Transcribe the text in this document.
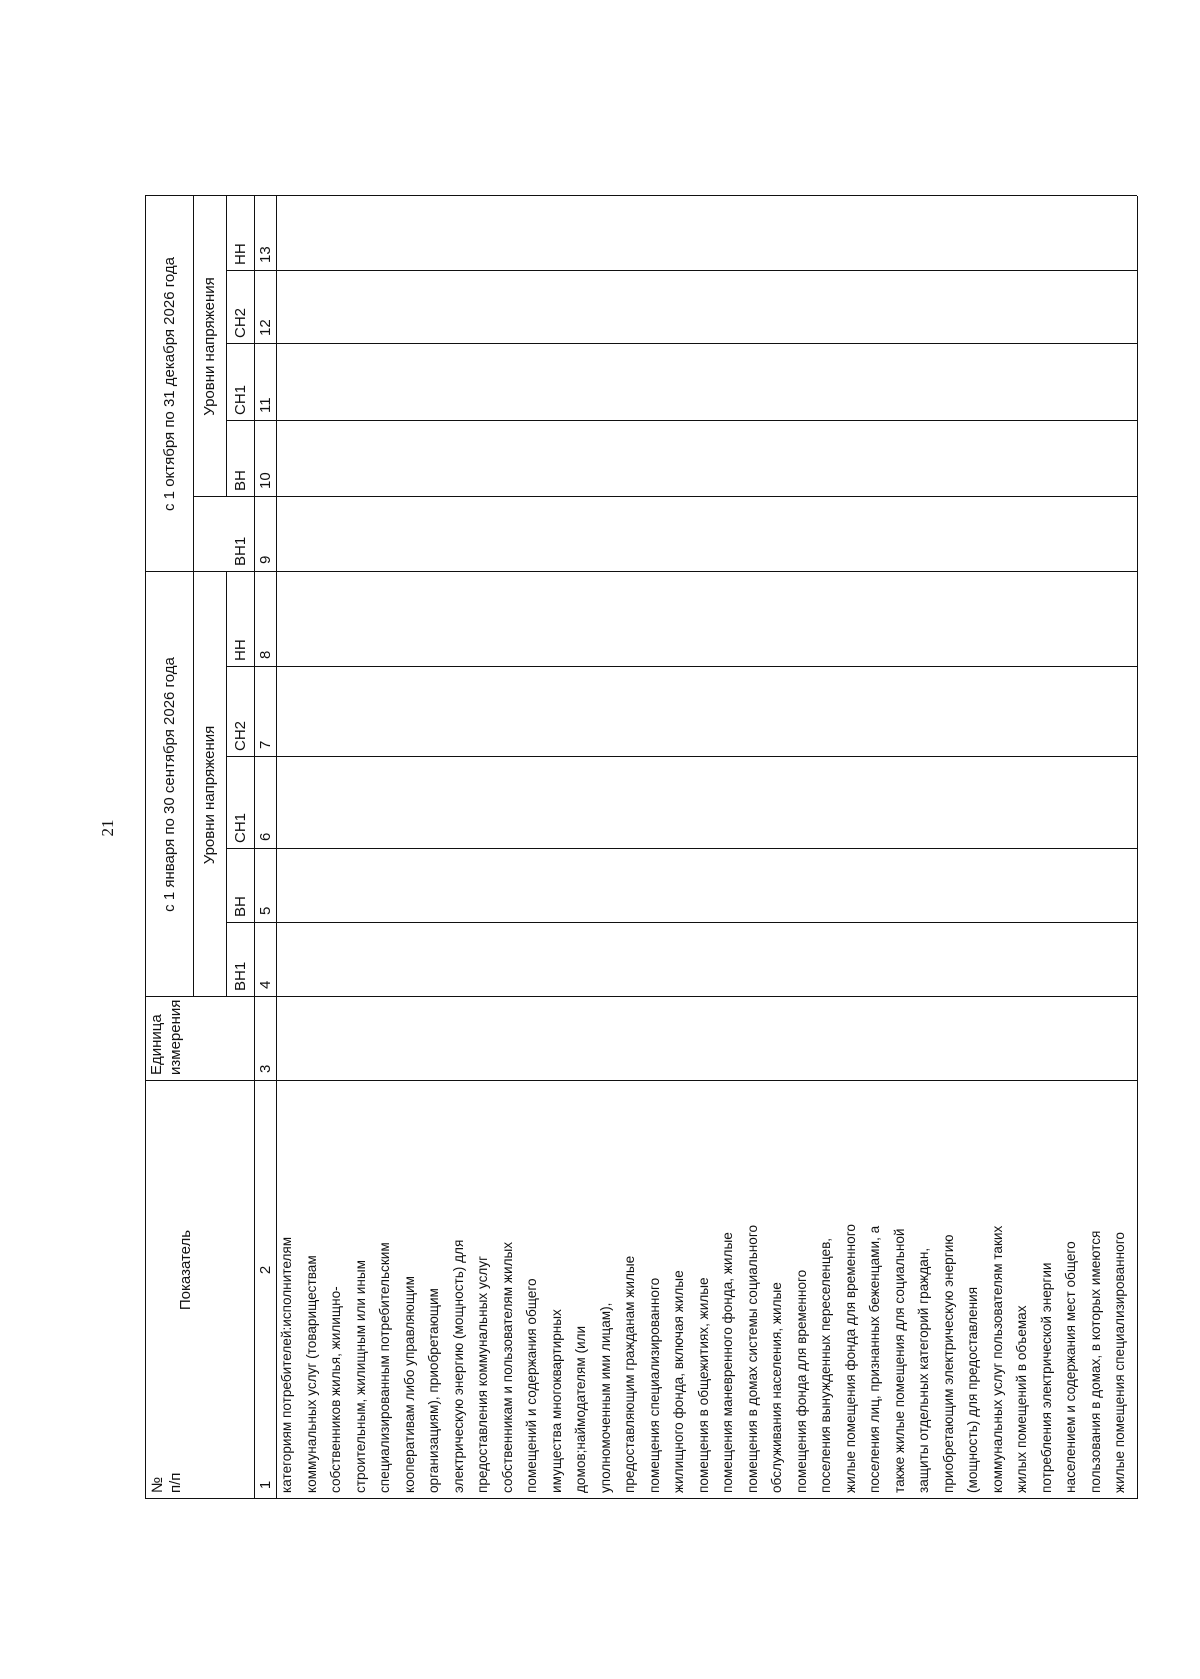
21
№ п/п
Показатель
Единица измерения
с 1 января по 30 сентября 2026 года
с 1 октября по 31 декабря 2026 года
Уровни напряжения
Уровни напряжения
ВН1
ВН
СН1
СН2
НН
ВН1
ВН
СН1
СН2
НН
1
2
3
4
5
6
7
8
9
10
11
12
13
категориям потребителей:исполнителям коммунальных услуг (товариществам собственников жилья, жилищно- строительным, жилищным или иным специализированным потребительским кооперативам либо управляющим организациям), приобретающим электрическую энергию (мощность) для предоставления коммунальных услуг собственникам и пользователям жилых помещений и содержания общего имущества многоквартирных домов;наймодателям (или уполномоченным ими лицам), предоставляющим гражданам жилые помещения специализированного жилищного фонда, включая жилые помещения в общежитиях, жилые помещения маневренного фонда, жилые помещения в домах системы социального обслуживания населения, жилые помещения фонда для временного поселения вынужденных переселенцев, жилые помещения фонда для временного поселения лиц, признанных беженцами, а также жилые помещения для социальной защиты отдельных категорий граждан, приобретающим электрическую энергию (мощность) для предоставления коммунальных услуг пользователям таких жилых помещений в объемах потребления электрической энергии населением и содержания мест общего пользования в домах, в которых имеются жилые помещения специализированного
